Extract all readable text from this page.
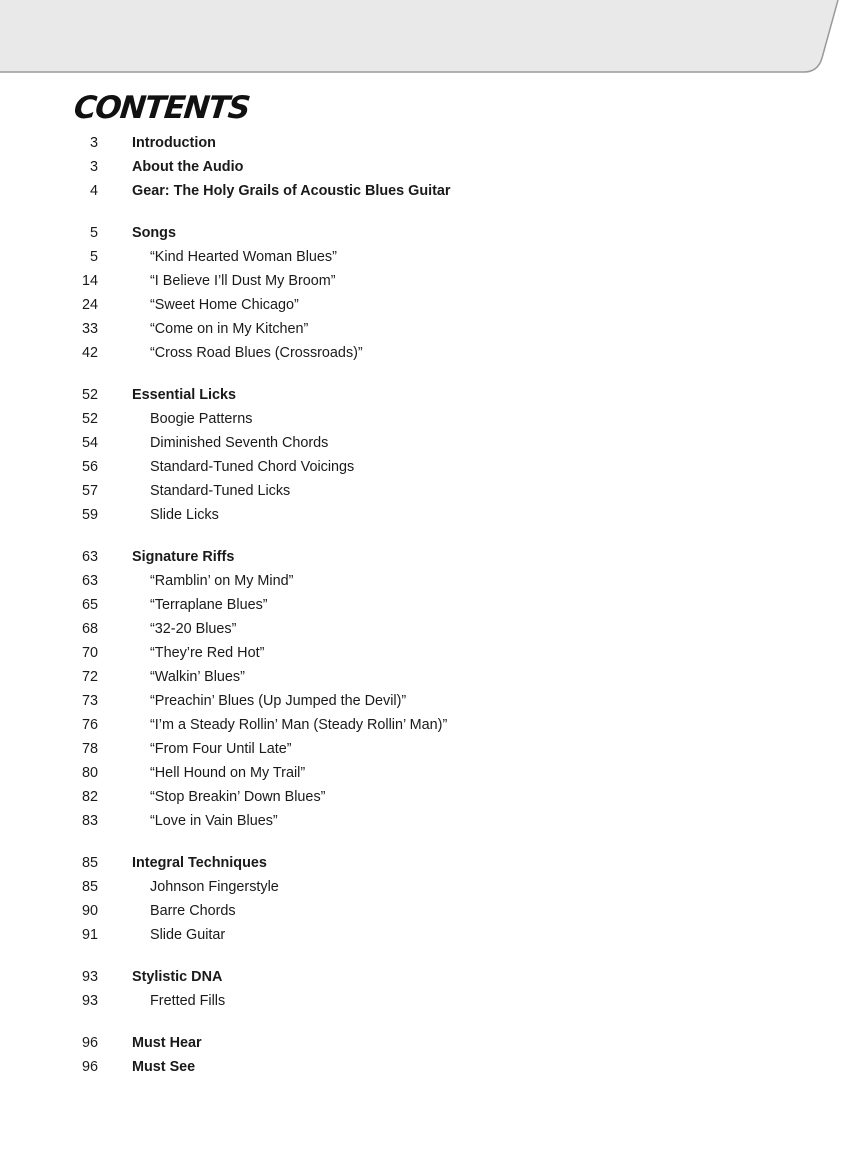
CONTENTS
3 Introduction
3 About the Audio
4 Gear: The Holy Grails of Acoustic Blues Guitar
5 Songs
5	“Kind Hearted Woman Blues”
14	“I Believe I’ll Dust My Broom”
24	“Sweet Home Chicago”
33	“Come on in My Kitchen”
42	“Cross Road Blues (Crossroads)”
52 Essential Licks
52	Boogie Patterns
54	Diminished Seventh Chords
56	Standard-Tuned Chord Voicings
57	Standard-Tuned Licks
59	Slide Licks
63 Signature Riffs
63	“Ramblin’ on My Mind”
65	“Terraplane Blues”
68	“32-20 Blues”
70	“They’re Red Hot”
72	“Walkin’ Blues”
73	“Preachin’ Blues (Up Jumped the Devil)”
76	“I’m a Steady Rollin’ Man (Steady Rollin’ Man)”
78	“From Four Until Late”
80	“Hell Hound on My Trail”
82	“Stop Breakin’ Down Blues”
83	“Love in Vain Blues”
85 Integral Techniques
85	Johnson Fingerstyle
90	Barre Chords
91	Slide Guitar
93 Stylistic DNA
93	Fretted Fills
96 Must Hear
96 Must See
